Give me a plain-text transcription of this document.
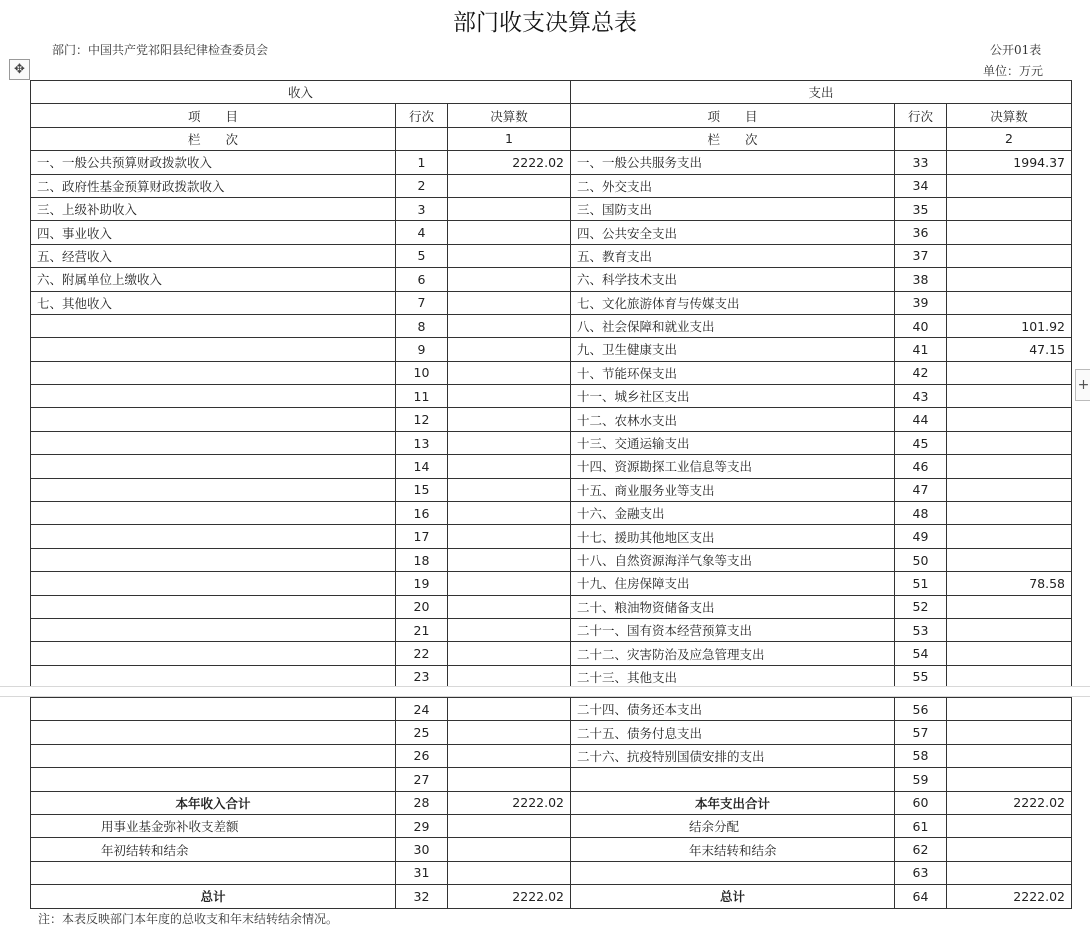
部门收支决算总表
部门：中国共产党祁阳县纪律检查委员会	公开01表
单位：万元
✥
+
收入			支出		
项　　目	行次	决算数	项　　目	行次	决算数
栏　　次		1	栏　　次		2
一、一般公共预算财政拨款收入	1	2222.02	一、一般公共服务支出	33	1994.37
二、政府性基金预算财政拨款收入	2		二、外交支出	34	
三、上级补助收入	3		三、国防支出	35	
四、事业收入	4		四、公共安全支出	36	
五、经营收入	5		五、教育支出	37	
六、附属单位上缴收入	6		六、科学技术支出	38	
七、其他收入	7		七、文化旅游体育与传媒支出	39	
	8		八、社会保障和就业支出	40	101.92
	9		九、卫生健康支出	41	47.15
	10		十、节能环保支出	42	
	11		十一、城乡社区支出	43	
	12		十二、农林水支出	44	
	13		十三、交通运输支出	45	
	14		十四、资源勘探工业信息等支出	46	
	15		十五、商业服务业等支出	47	
	16		十六、金融支出	48	
	17		十七、援助其他地区支出	49	
	18		十八、自然资源海洋气象等支出	50	
	19		十九、住房保障支出	51	78.58
	20		二十、粮油物资储备支出	52	
	21		二十一、国有资本经营预算支出	53	
	22		二十二、灾害防治及应急管理支出	54	
	23		二十三、其他支出	55	
	24		二十四、债务还本支出	56	
	25		二十五、债务付息支出	57	
	26		二十六、抗疫特别国债安排的支出	58	
	27			59	
本年收入合计	28	2222.02	本年支出合计	60	2222.02
用事业基金弥补收支差额	29		结余分配	61	
年初结转和结余	30		年末结转和结余	62	
	31			63	
总计	32	2222.02	总计	64	2222.02
注：本表反映部门本年度的总收支和年末结转结余情况。
